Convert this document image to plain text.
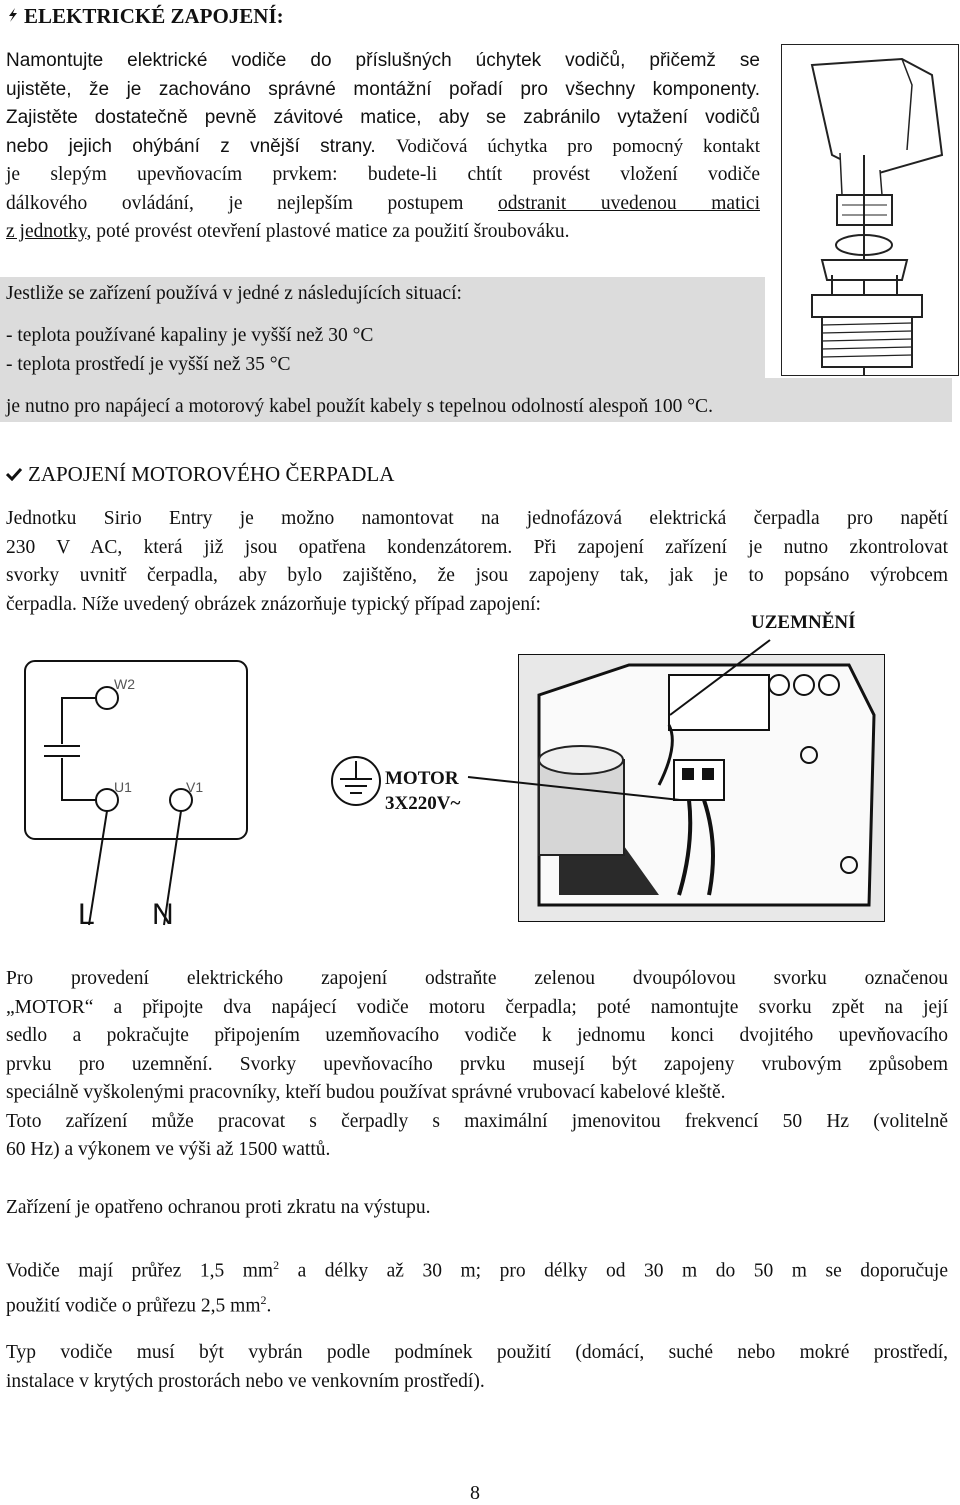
ELEKTRICKÉ ZAPOJENÍ:
Namontujte elektrické vodiče do příslušných úchytek vodičů, přičemž se
ujistěte, že je zachováno správné montážní pořadí pro všechny komponenty.
Zajistěte dostatečně pevně závitové matice, aby se zabránilo vytažení vodičů
nebo jejich ohýbání z vnější strany. Vodičová úchytka pro pomocný kontakt
je slepým upevňovacím prvkem: budete-li chtít provést vložení vodiče
dálkového ovládání, je nejlepším postupem odstranit uvedenou matici
z jednotky, poté provést otevření plastové matice za použití šroubováku.
Jestliže se zařízení používá v jedné z následujících situací:
- teplota používané kapaliny je vyšší než 30 °C
- teplota prostředí je vyšší než 35 °C
je nutno pro napájecí a motorový kabel použít kabely s tepelnou odolností alespoň 100 °C.
ZAPOJENÍ MOTOROVÉHO ČERPADLA
Jednotku Sirio Entry je možno namontovat na jednofázová elektrická čerpadla pro napětí
230 V AC, která již jsou opatřena kondenzátorem. Při zapojení zařízení je nutno zkontrolovat
svorky uvnitř čerpadla, aby bylo zajištěno, že jsou zapojeny tak, jak je to popsáno výrobcem
čerpadla. Níže uvedený obrázek znázorňuje typický případ zapojení:
W2
U1	V1
L N
MOTOR
3X220V~
UZEMNĚNÍ
Pro provedení elektrického zapojení odstraňte zelenou dvoupólovou svorku označenou
„MOTOR“ a připojte dva napájecí vodiče motoru čerpadla; poté namontujte svorku zpět na její
sedlo a pokračujte připojením uzemňovacího vodiče k jednomu konci dvojitého upevňovacího
prvku pro uzemnění. Svorky upevňovacího prvku musejí být zapojeny vrubovým způsobem
speciálně vyškolenými pracovníky, kteří budou používat správné vrubovací kabelové kleště.
Toto zařízení může pracovat s čerpadly s maximální jmenovitou frekvencí 50 Hz (volitelně
60 Hz) a výkonem ve výši až 1500 wattů.
Zařízení je opatřeno ochranou proti zkratu na výstupu.
Vodiče mají průřez 1,5 $mm^2$ a délky až 30 m; pro délky od 30 m do 50 m se doporučuje
použití vodiče o průřezu 2,5 $mm^2$.
Typ vodiče musí být vybrán podle podmínek použití (domácí, suché nebo mokré prostředí,
instalace v krytých prostorách nebo ve venkovním prostředí).
8
